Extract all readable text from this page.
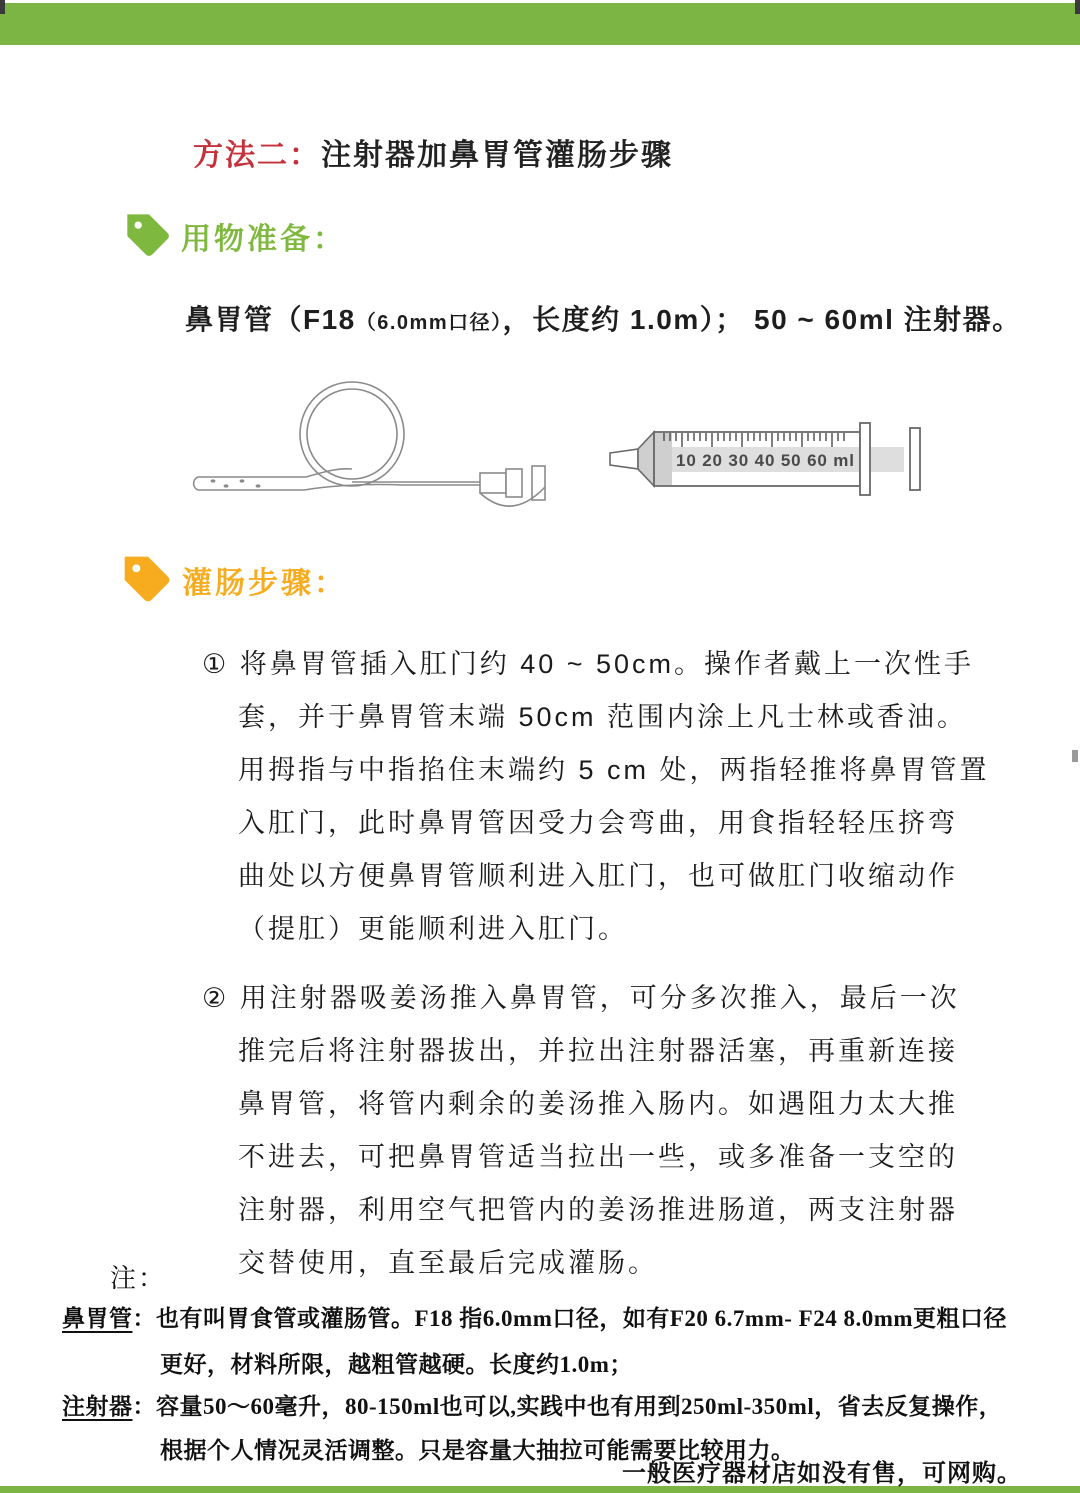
方法二：注射器加鼻胃管灌肠步骤
用物准备：
鼻胃管（F18（6.0mm口径），长度约 1.0m）； 50 ~ 60ml 注射器。
10 20 30 40 50 60 ml
灌肠步骤：
① 将鼻胃管插入肛门约 40 ~ 50cm。操作者戴上一次性手
套，并于鼻胃管末端 50cm 范围内涂上凡士林或香油。
用拇指与中指掐住末端约 5 cm 处，两指轻推将鼻胃管置
入肛门，此时鼻胃管因受力会弯曲，用食指轻轻压挤弯
曲处以方便鼻胃管顺利进入肛门，也可做肛门收缩动作
（提肛）更能顺利进入肛门。
② 用注射器吸姜汤推入鼻胃管，可分多次推入，最后一次
推完后将注射器拔出，并拉出注射器活塞，再重新连接
鼻胃管，将管内剩余的姜汤推入肠内。如遇阻力太大推
不进去，可把鼻胃管适当拉出一些，或多准备一支空的
注射器，利用空气把管内的姜汤推进肠道，两支注射器
交替使用，直至最后完成灌肠。
注：
鼻胃管：也有叫胃食管或灌肠管。F18 指6.0mm口径，如有F20 6.7mm- F24 8.0mm更粗口径
更好，材料所限，越粗管越硬。长度约1.0m；
注射器：容量50～60毫升，80-150ml也可以,实践中也有用到250ml-350ml，省去反复操作，
根据个人情况灵活调整。只是容量大抽拉可能需要比较用力。
一般医疗器材店如没有售，可网购。
